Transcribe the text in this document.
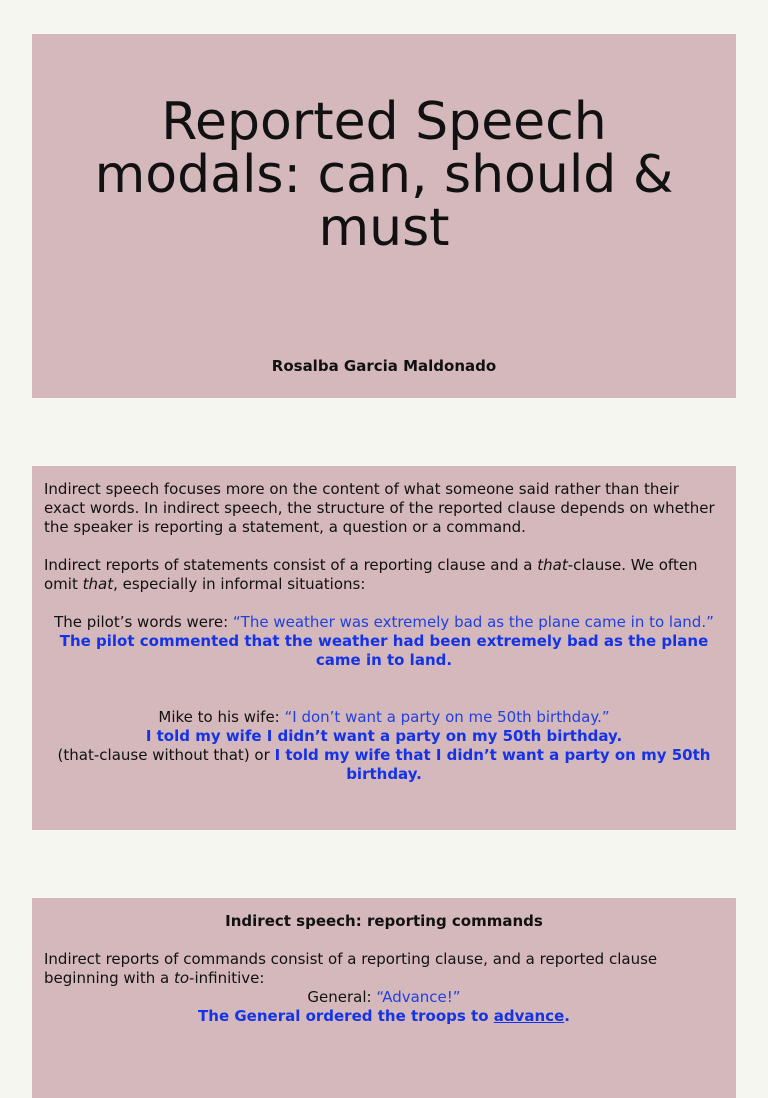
Reported Speech
modals: can, should &
must
Rosalba Garcia Maldonado

Indirect speech focuses more on the content of what someone said rather than their exact words. In indirect speech, the structure of the reported clause depends on whether the speaker is reporting a statement, a question or a command.

Indirect reports of statements consist of a reporting clause and a that-clause. We often omit that, especially in informal situations:

The pilot’s words were: “The weather was extremely bad as the plane came in to land.”

The pilot commented that the weather had been extremely bad as the plane came in to land.

Mike to his wife: “I don’t want a party on me 50th birthday.”

I told my wife I didn’t want a party on my 50th birthday.

(that-clause without that) or I told my wife that I didn’t want a party on my 50th birthday.

Indirect speech: reporting commands

Indirect reports of commands consist of a reporting clause, and a reported clause beginning with a to-infinitive:

General: “Advance!”

The General ordered the troops to advance.
